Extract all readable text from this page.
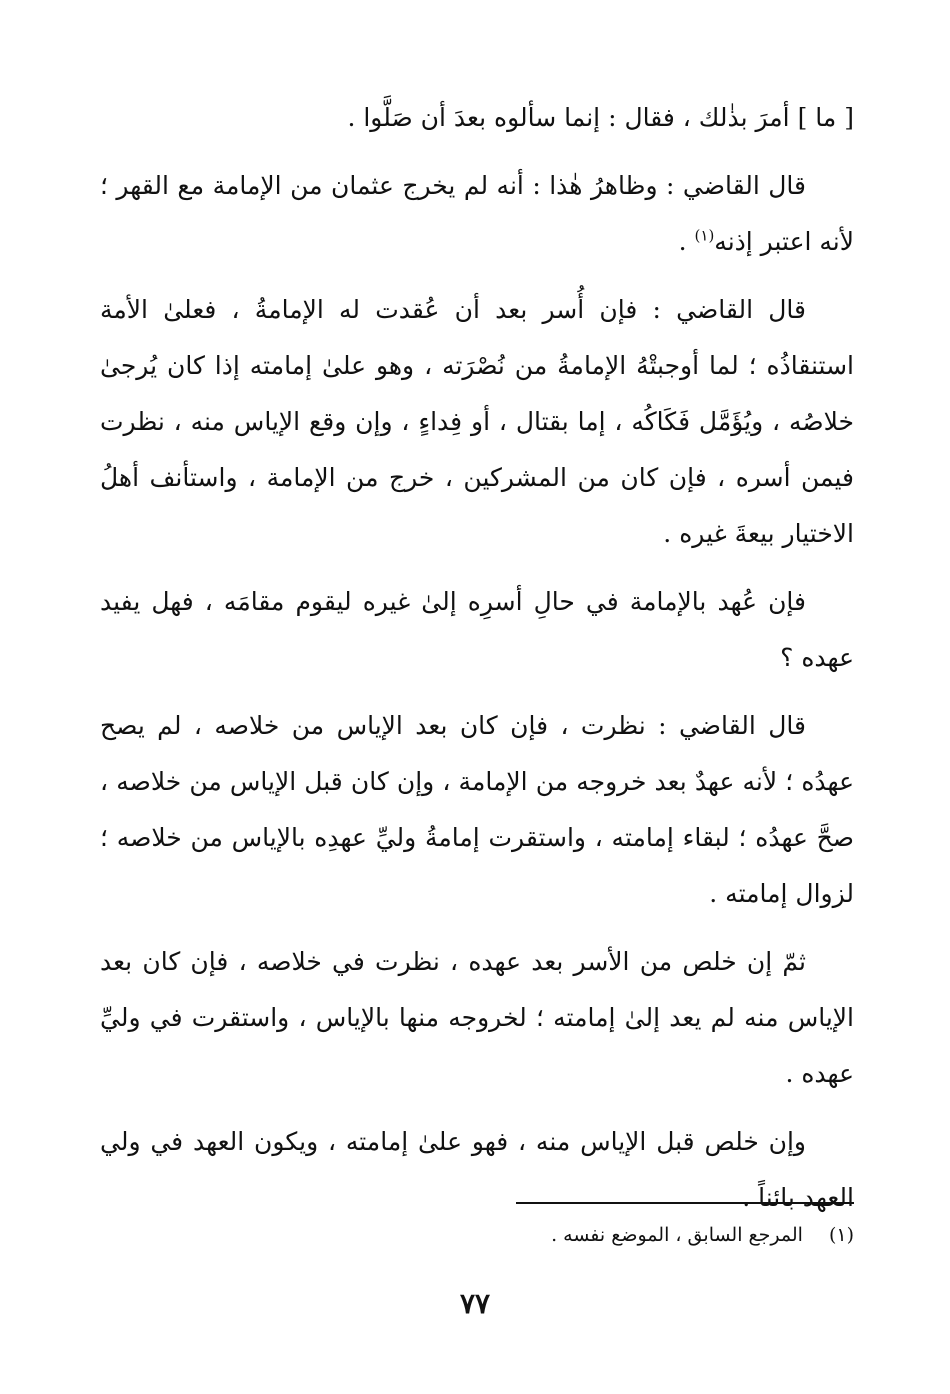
[ ما ] أمرَ بذٰلك ، فقال : إنما سألوه بعدَ أن صَلَّوا .

قال القاضي : وظاهرُ هٰذا : أنه لم يخرج عثمان من الإمامة مع القهر ؛ لأنه اعتبر إذنه$^{(١)}$ .

قال القاضي : فإن أُسر بعد أن عُقدت له الإمامةُ ، فعلىٰ الأمة استنقاذُه ؛ لما أوجبتْهُ الإمامةُ من نُصْرَته ، وهو علىٰ إمامته إذا كان يُرجىٰ خلاصُه ، ويُؤَمَّل فَكَاكُه ، إما بقتال ، أو فِداءٍ ، وإن وقع الإياس منه ، نظرت فيمن أسره ، فإن كان من المشركين ، خرج من الإمامة ، واستأنف أهلُ الاختيار بيعةَ غيره .

فإن عُهد بالإمامة في حالِ أسرِه إلىٰ غيره ليقوم مقامَه ، فهل يفيد عهده ؟

قال القاضي : نظرت ، فإن كان بعد الإياس من خلاصه ، لم يصح عهدُه ؛ لأنه عهدٌ بعد خروجه من الإمامة ، وإن كان قبل الإياس من خلاصه ، صحَّ عهدُه ؛ لبقاء إمامته ، واستقرت إمامةُ وليِّ عهدِه بالإياس من خلاصه ؛ لزوال إمامته .

ثمّ إن خلص من الأسر بعد عهده ، نظرت في خلاصه ، فإن كان بعد الإياس منه لم يعد إلىٰ إمامته ؛ لخروجه منها بالإياس ، واستقرت في وليِّ عهده .

وإن خلص قبل الإياس منه ، فهو علىٰ إمامته ، ويكون العهد في ولي العهد بائناً .

(١)المرجع السابق ، الموضع نفسه .
٧٧
